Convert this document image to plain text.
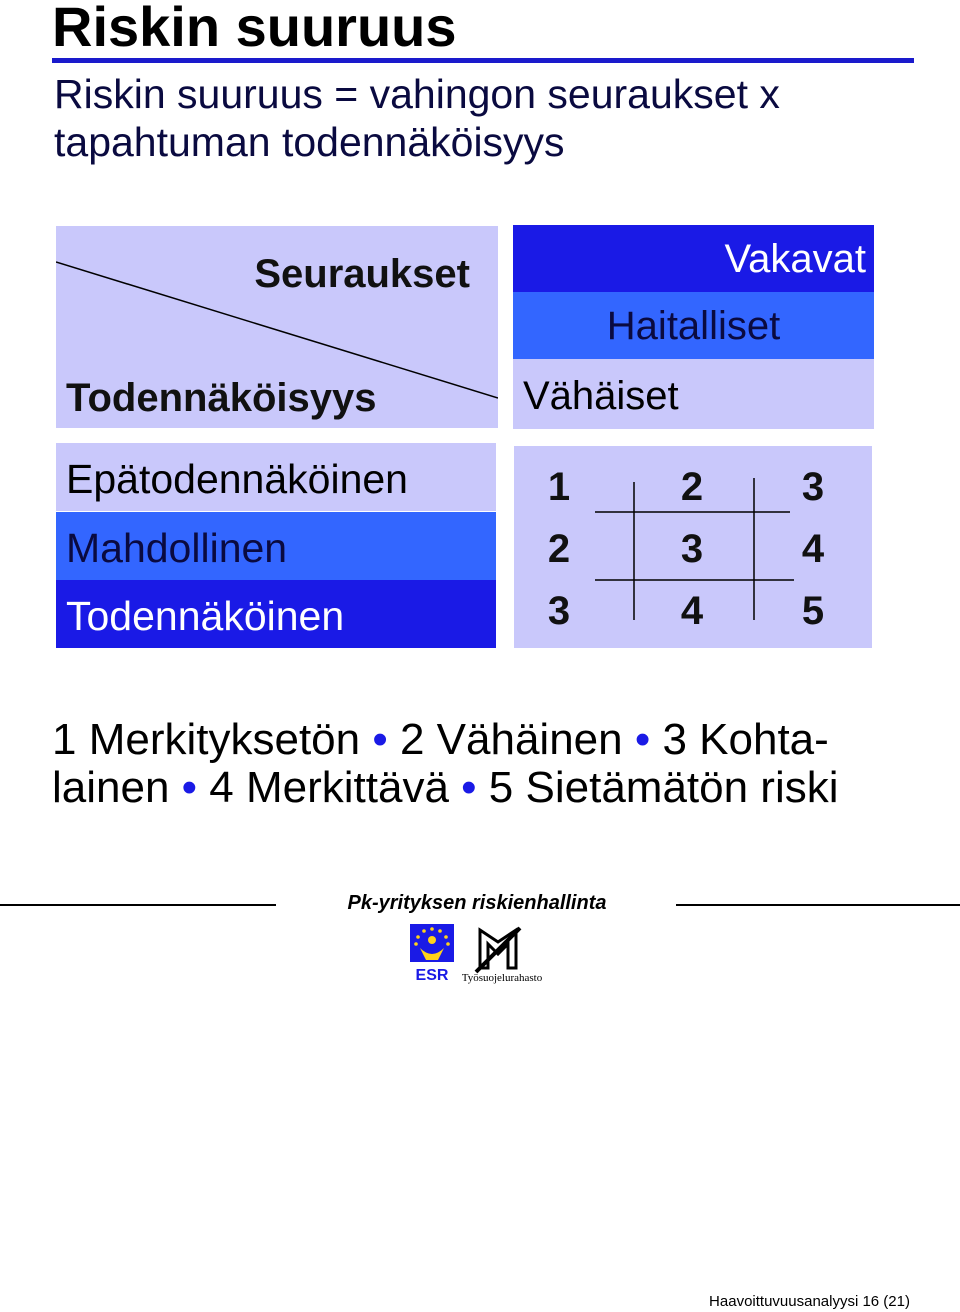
Riskin suuruus

Riskin suuruus = vahingon seuraukset x
tapahtuman todennäköisyys

Seuraukset
Todennäköisyys
Vakavat
Haitalliset
Vähäiset
Epätodennäköinen
Mahdollinen
Todennäköinen
1	2 3
2	3 4
3	4 5

1 Merkityksetön • 2 Vähäinen • 3 Kohta-
lainen • 4 Merkittävä • 5 Sietämätön riski

Pk-yrityksen riskienhallinta
ESR Työsuojelurahasto
Haavoittuvuusanalyysi 16 (21)
